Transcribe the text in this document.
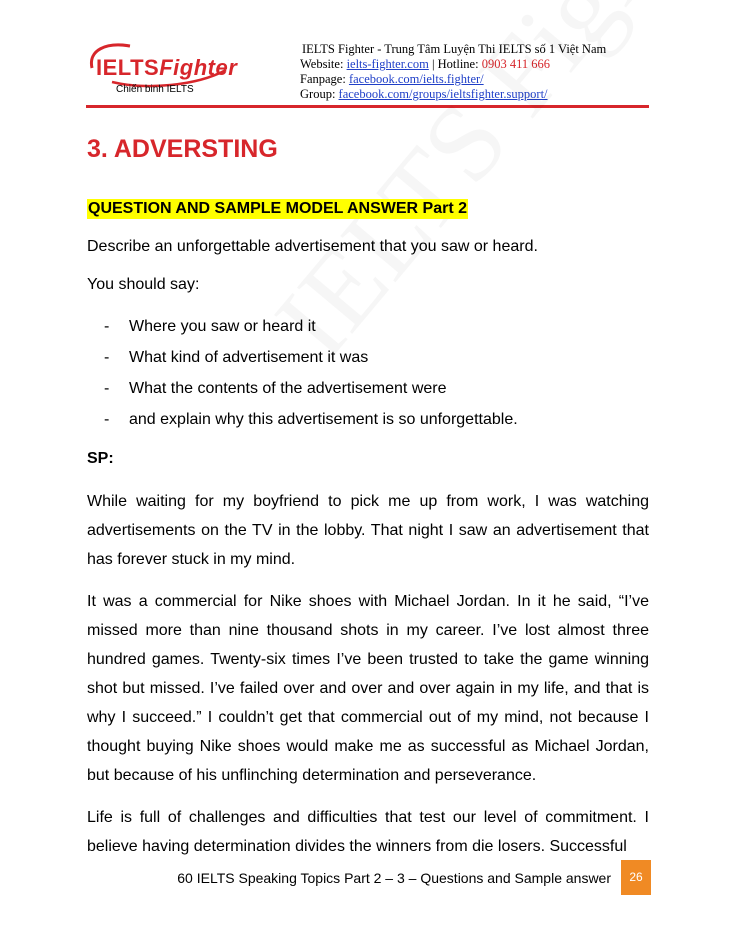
IELTSFighter
Chiến binh IELTS
IELTS Fighter - Trung Tâm Luyện Thi IELTS số 1 Việt Nam
Website: ielts-fighter.com | Hotline: 0903 411 666
Fanpage: facebook.com/ielts.fighter/
Group: facebook.com/groups/ieltsfighter.support/
3. ADVERSTING
QUESTION AND SAMPLE MODEL ANSWER Part 2

Describe an unforgettable advertisement that you saw or heard.

You should say:

- Where you saw or heard it
- What kind of advertisement it was
- What the contents of the advertisement were
- and explain why this advertisement is so unforgettable.

SP:

While waiting for my boyfriend to pick me up from work, I was watching advertisements on the TV in the lobby. That night I saw an advertisement that has forever stuck in my mind.

It was a commercial for Nike shoes with Michael Jordan. In it he said, “I’ve missed more than nine thousand shots in my career. I’ve lost almost three hundred games. Twenty-six times I’ve been trusted to take the game winning shot but missed. I’ve failed over and over and over again in my life, and that is why I succeed.” I couldn’t get that commercial out of my mind, not because I thought buying Nike shoes would make me as successful as Michael Jordan, but because of his unflinching determination and perseverance.

Life is full of challenges and difficulties that test our level of commitment. I believe having determination divides the winners from die losers. Successful

60 IELTS Speaking Topics Part 2 – 3 – Questions and Sample answer	26
